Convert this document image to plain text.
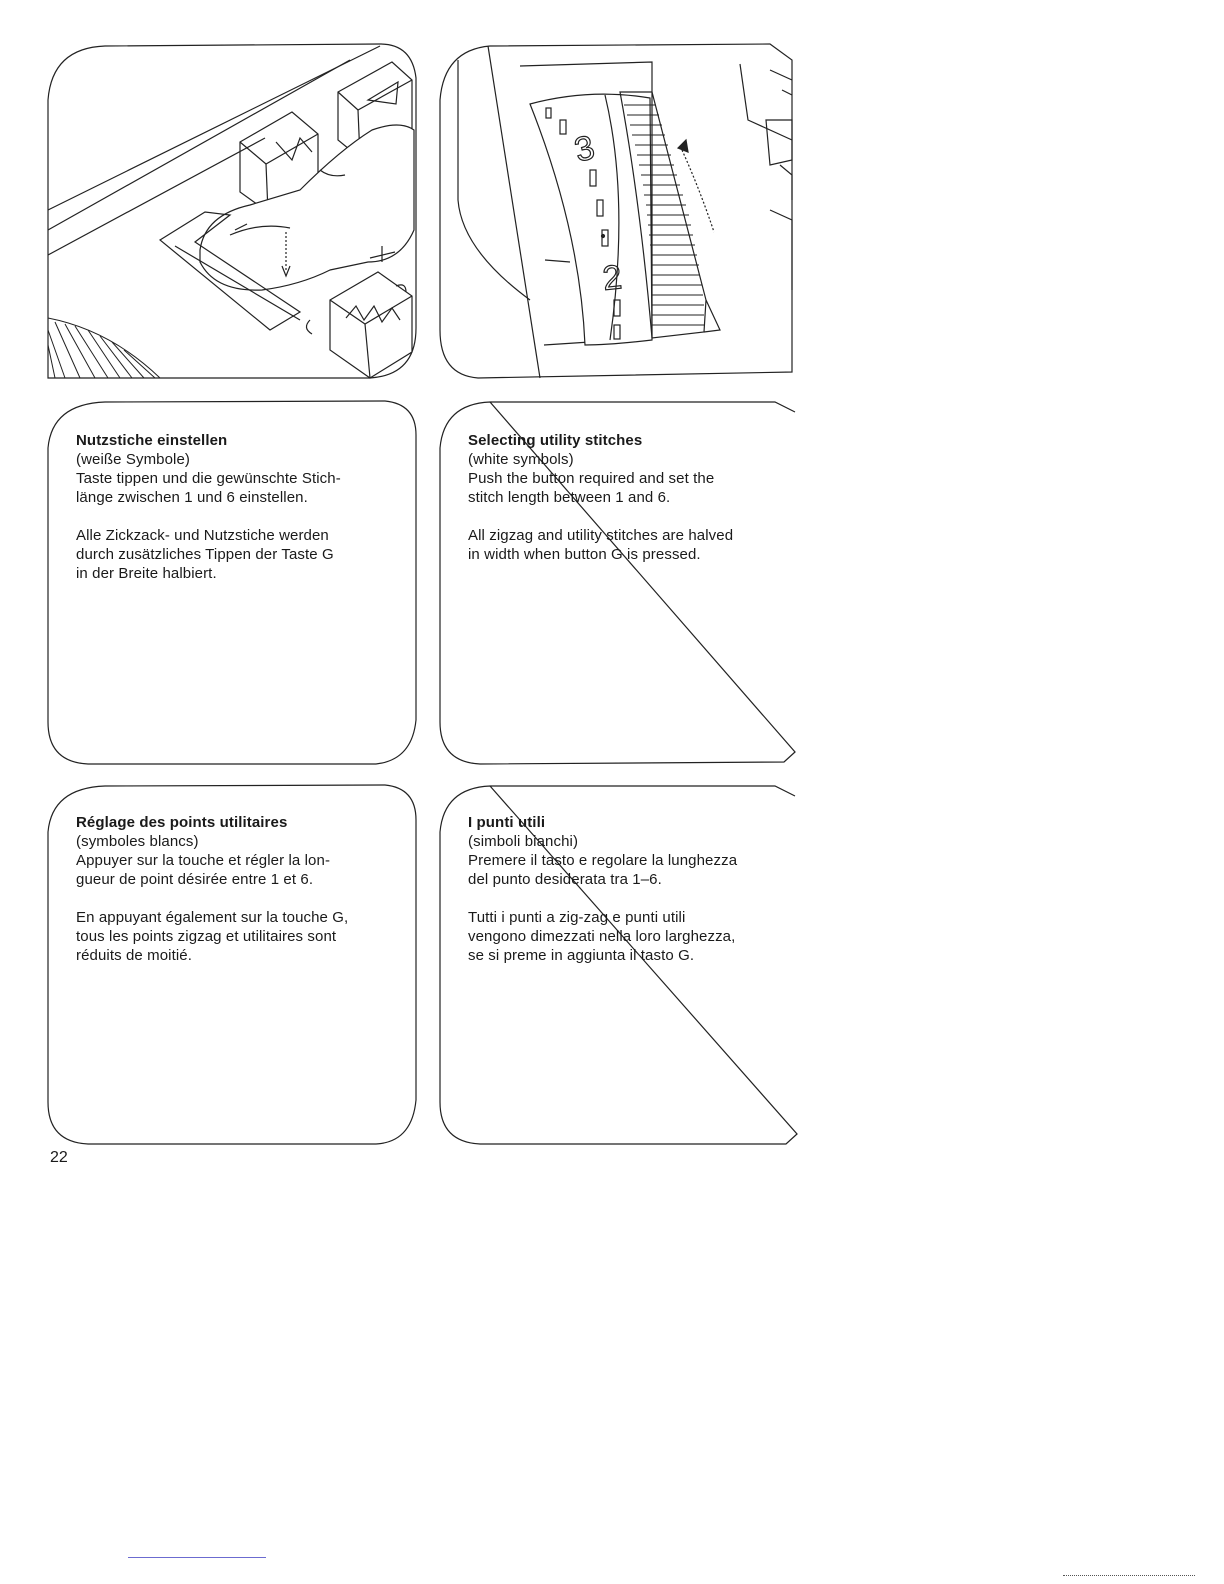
3
2
Nutzstiche einstellen
(weiße Symbole)
Taste tippen und die gewünschte Stich-
länge zwischen 1 und 6 einstellen.
Alle Zickzack- und Nutzstiche werden
durch zusätzliches Tippen der Taste G
in der Breite halbiert.
Selecting utility stitches
(white symbols)
Push the button required and set the
stitch length between 1 and 6.
All zigzag and utility stitches are halved
in width when button G is pressed.
Réglage des points utilitaires
(symboles blancs)
Appuyer sur la touche et régler la lon-
gueur de point désirée entre 1 et 6.
En appuyant également sur la touche G,
tous les points zigzag et utilitaires sont
réduits de moitié.
I punti utili
(simboli bianchi)
Premere il tasto e regolare la lunghezza
del punto desiderata tra 1–6.
Tutti i punti a zig-zag e punti utili
vengono dimezzati nella loro larghezza,
se si preme in aggiunta il tasto G.
22
